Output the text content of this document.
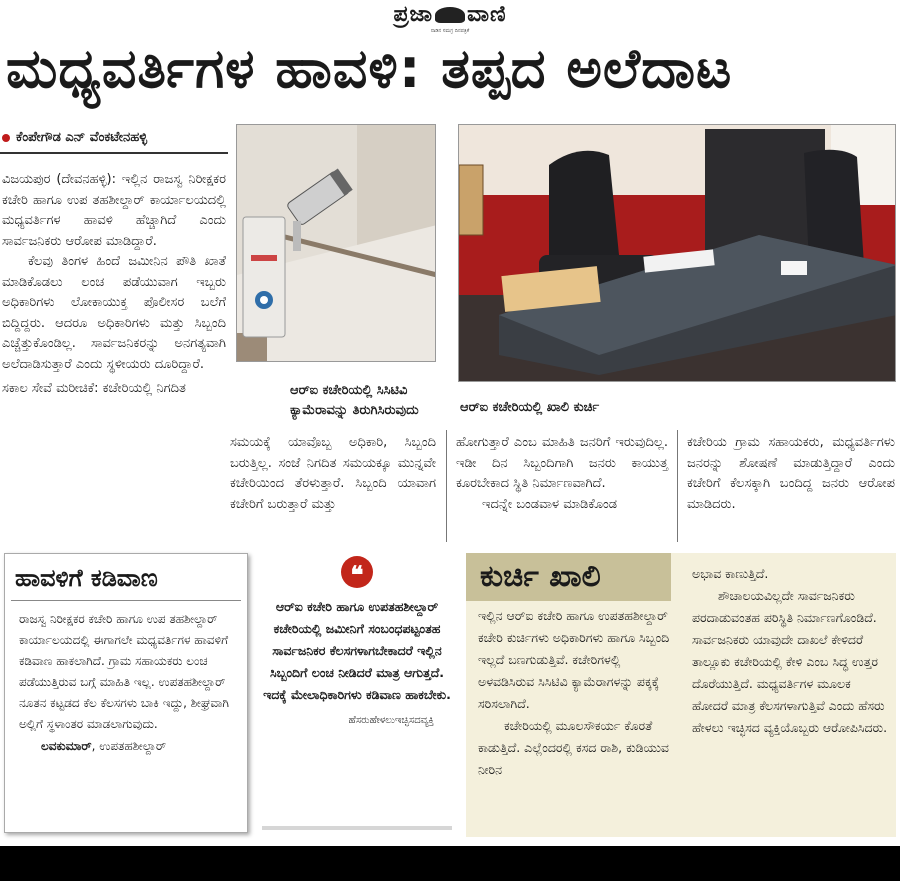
ಪ್ರಜಾ ವಾಣಿ
ನಾಡಿನ ಸಮಗ್ರ ದಿನಪತ್ರಿಕೆ
ಮಧ್ಯವರ್ತಿಗಳ ಹಾವಳಿ: ತಪ್ಪದ ಅಲೆದಾಟ
ಕೆಂಪೇಗೌಡ ಎನ್ ವೆಂಕಟೇನಹಳ್ಳಿ

ವಿಜಯಪುರ (ದೇವನಹಳ್ಳಿ): ಇಲ್ಲಿನ ರಾಜಸ್ವ ನಿರೀಕ್ಷಕರ ಕಚೇರಿ ಹಾಗೂ ಉಪ ತಹಶೀಲ್ದಾರ್ ಕಾರ್ಯಾಲಯದಲ್ಲಿ ಮಧ್ಯವರ್ತಿಗಳ ಹಾವಳಿ ಹೆಚ್ಚಾಗಿದೆ ಎಂದು ಸಾರ್ವಜನಿಕರು ಆರೋಪ ಮಾಡಿದ್ದಾರೆ.

ಕೆಲವು ತಿಂಗಳ ಹಿಂದೆ ಜಮೀನಿನ ಪೌತಿ ಖಾತೆ ಮಾಡಿಕೊಡಲು ಲಂಚ ಪಡೆಯುವಾಗ ಇಬ್ಬರು ಅಧಿಕಾರಿಗಳು ಲೋಕಾಯುಕ್ತ ಪೊಲೀಸರ ಬಲೆಗೆ ಬಿದ್ದಿದ್ದರು. ಆದರೂ ಅಧಿಕಾರಿಗಳು ಮತ್ತು ಸಿಬ್ಬಂದಿ ಎಚ್ಚೆತ್ತುಕೊಂಡಿಲ್ಲ. ಸಾರ್ವಜನಿಕರನ್ನು ಅನಗತ್ಯವಾಗಿ ಅಲೆದಾಡಿಸುತ್ತಾರೆ ಎಂದು ಸ್ಥಳೀಯರು ದೂರಿದ್ದಾರೆ.

ಸಕಾಲ ಸೇವೆ ಮರೀಚಿಕೆ: ಕಚೇರಿಯಲ್ಲಿ ನಿಗದಿತ	ಆರ್‌ಐ ಕಚೇರಿಯಲ್ಲಿ ಸಿಸಿಟಿವಿ ಕ್ಯಾಮೆರಾವನ್ನು ತಿರುಗಿಸಿರುವುದು	ಆರ್‌ಐ ಕಚೇರಿಯಲ್ಲಿ ಖಾಲಿ ಕುರ್ಚಿ
ಸಮಯಕ್ಕೆ ಯಾವೊಬ್ಬ ಅಧಿಕಾರಿ, ಸಿಬ್ಬಂದಿ ಬರುತ್ತಿಲ್ಲ. ಸಂಜೆ ನಿಗದಿತ ಸಮಯಕ್ಕೂ ಮುನ್ನವೇ ಕಚೇರಿಯಿಂದ ತೆರಳುತ್ತಾರೆ. ಸಿಬ್ಬಂದಿ ಯಾವಾಗ ಕಚೇರಿಗೆ ಬರುತ್ತಾರೆ ಮತ್ತು

ಹೋಗುತ್ತಾರೆ ಎಂಬ ಮಾಹಿತಿ ಜನರಿಗೆ ಇರುವುದಿಲ್ಲ. ಇಡೀ ದಿನ ಸಿಬ್ಬಂದಿಗಾಗಿ ಜನರು ಕಾಯುತ್ತ ಕೂರಬೇಕಾದ ಸ್ಥಿತಿ ನಿರ್ಮಾಣವಾಗಿದೆ.

ಇದನ್ನೇ ಬಂಡವಾಳ ಮಾಡಿಕೊಂಡ

ಕಚೇರಿಯ ಗ್ರಾಮ ಸಹಾಯಕರು, ಮಧ್ಯವರ್ತಿಗಳು ಜನರನ್ನು ಶೋಷಣೆ ಮಾಡುತ್ತಿದ್ದಾರೆ ಎಂದು ಕಚೇರಿಗೆ ಕೆಲಸಕ್ಕಾಗಿ ಬಂದಿದ್ದ ಜನರು ಆರೋಪ ಮಾಡಿದರು.
ಹಾವಳಿಗೆ ಕಡಿವಾಣ
ರಾಜಸ್ವ ನಿರೀಕ್ಷಕರ ಕಚೇರಿ ಹಾಗೂ ಉಪ ತಹಶೀಲ್ದಾರ್ ಕಾರ್ಯಾಲಯದಲ್ಲಿ ಈಗಾಗಲೇ ಮಧ್ಯವರ್ತಿಗಳ ಹಾವಳಿಗೆ ಕಡಿವಾಣ ಹಾಕಲಾಗಿದೆ. ಗ್ರಾಮ ಸಹಾಯಕರು ಲಂಚ ಪಡೆಯುತ್ತಿರುವ ಬಗ್ಗೆ ಮಾಹಿತಿ ಇಲ್ಲ. ಉಪತಹಶೀಲ್ದಾರ್ ನೂತನ ಕಟ್ಟಡದ ಕೆಲ ಕೆಲಸಗಳು ಬಾಕಿ ಇದ್ದು, ಶೀಘ್ರವಾಗಿ ಅಲ್ಲಿಗೆ ಸ್ಥಳಾಂತರ ಮಾಡಲಾಗುವುದು.
ಲವಕುಮಾರ್, ಉಪತಹಶೀಲ್ದಾರ್
❝
ಆರ್‌ಐ ಕಚೇರಿ ಹಾಗೂ ಉಪತಹಶೀಲ್ದಾರ್ ಕಚೇರಿಯಲ್ಲಿ ಜಮೀನಿಗೆ ಸಂಬಂಧಪಟ್ಟಂತಹ ಸಾರ್ವಜನಿಕರ ಕೆಲಸಗಳಾಗಬೇಕಾದರೆ ಇಲ್ಲಿನ ಸಿಬ್ಬಂದಿಗೆ ಲಂಚ ನೀಡಿದರೆ ಮಾತ್ರ ಆಗುತ್ತದೆ. ಇದಕ್ಕೆ ಮೇಲಾಧಿಕಾರಿಗಳು ಕಡಿವಾಣ ಹಾಕಬೇಕು.
ಹೆಸರುಹೇಳಲುಇಚ್ಛಿಸದವ್ಯಕ್ತಿ
ಕುರ್ಚಿ ಖಾಲಿ

ಇಲ್ಲಿನ ಆರ್‌ಐ ಕಚೇರಿ ಹಾಗೂ ಉಪತಹಶೀಲ್ದಾರ್ ಕಚೇರಿ ಕುರ್ಚಿಗಳು ಅಧಿಕಾರಿಗಳು ಹಾಗೂ ಸಿಬ್ಬಂದಿ ಇಲ್ಲದೆ ಬಣಗುಡುತ್ತಿವೆ. ಕಚೇರಿಗಳಲ್ಲಿ ಅಳವಡಿಸಿರುವ ಸಿಸಿಟಿವಿ ಕ್ಯಾಮೆರಾಗಳನ್ನು ಪಕ್ಕಕ್ಕೆ ಸರಿಸಲಾಗಿದೆ.

ಕಚೇರಿಯಲ್ಲಿ ಮೂಲಸೌಕರ್ಯ ಕೊರತೆ ಕಾಡುತ್ತಿದೆ. ಎಲ್ಲೆಂದರಲ್ಲಿ ಕಸದ ರಾಶಿ, ಕುಡಿಯುವ ನೀರಿನ

ಅಭಾವ ಕಾಣುತ್ತಿದೆ.

ಶೌಚಾಲಯವಿಲ್ಲದೇ ಸಾರ್ವಜನಿಕರು ಪರದಾಡುವಂತಹ ಪರಿಸ್ಥಿತಿ ನಿರ್ಮಾಣಗೊಂಡಿದೆ. ಸಾರ್ವಜನಿಕರು ಯಾವುದೇ ದಾಖಲೆ ಕೇಳಿದರೆ ತಾಲ್ಲೂಕು ಕಚೇರಿಯಲ್ಲಿ ಕೇಳಿ ಎಂಬ ಸಿದ್ಧ ಉತ್ತರ ದೊರೆಯುತ್ತಿದೆ. ಮಧ್ಯವರ್ತಿಗಳ ಮೂಲಕ ಹೋದರೆ ಮಾತ್ರ ಕೆಲಸಗಳಾಗುತ್ತಿವೆ ಎಂದು ಹೆಸರು ಹೇಳಲು ಇಚ್ಛಿಸದ ವ್ಯಕ್ತಿಯೊಬ್ಬರು ಆರೋಪಿಸಿದರು.
